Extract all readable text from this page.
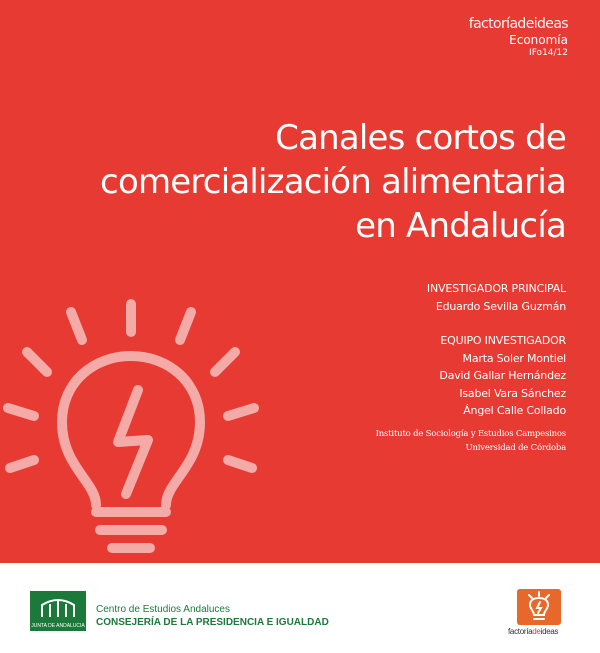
factoríadeideas
Economía
IFo14/12
Canales cortos de
comercialización alimentaria
en Andalucía
INVESTIGADOR PRINCIPAL
Eduardo Sevilla Guzmán
EQUIPO INVESTIGADOR
Marta Soler Montiel
David Gallar Hernández
Isabel Vara Sánchez
Ángel Calle Collado
Instituto de Sociología y Estudios Campesinos
Universidad de Córdoba
JUNTA DE ANDALUCIA
Centro de Estudios Andaluces
CONSEJERÍA DE LA PRESIDENCIA E IGUALDAD
factoríadeideas
